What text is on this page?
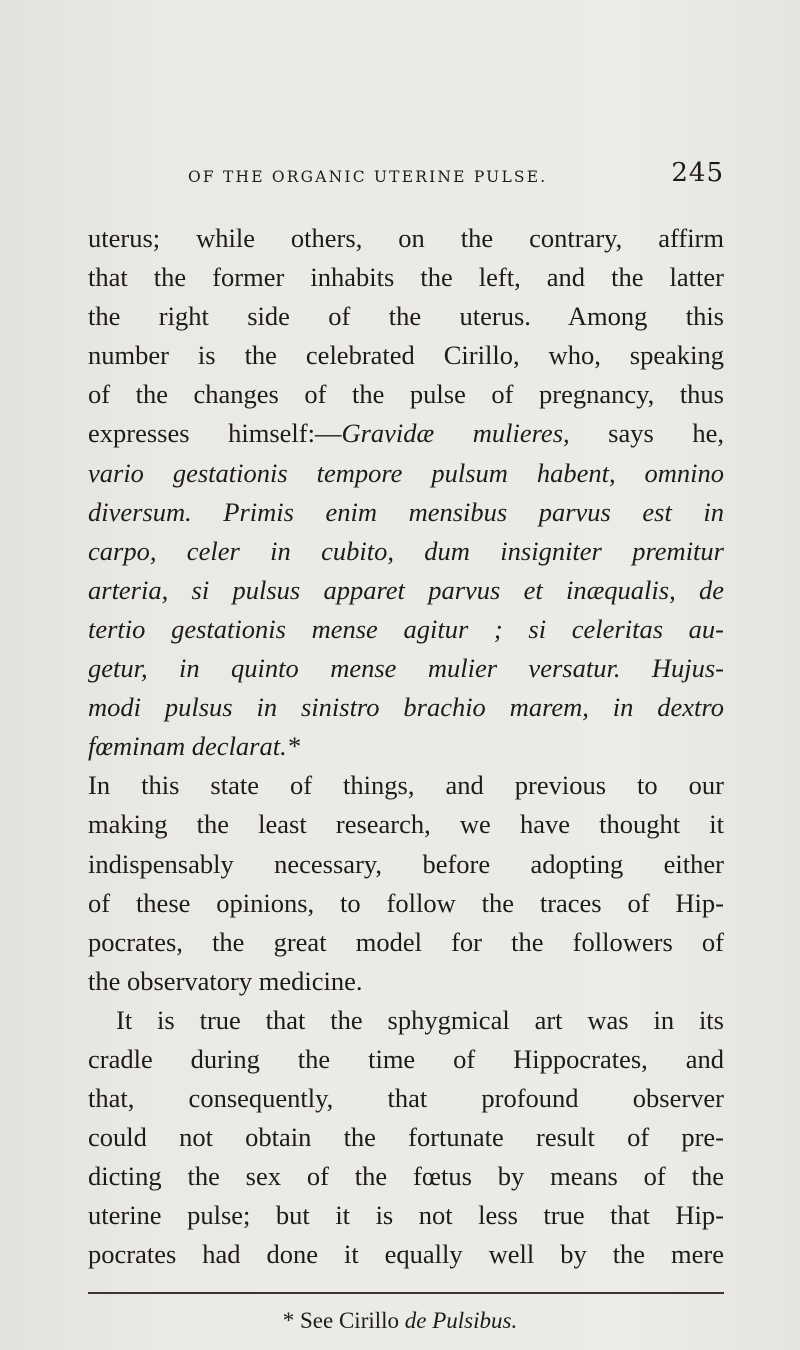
OF THE ORGANIC UTERINE PULSE.	245
uterus; while others, on the contrary, affirm
that the former inhabits the left, and the latter
the right side of the uterus. Among this
number is the celebrated Cirillo, who, speaking
of the changes of the pulse of pregnancy, thus
expresses himself:—Gravidæ mulieres, says he,
vario gestationis tempore pulsum habent, omnino
diversum. Primis enim mensibus parvus est in
carpo, celer in cubito, dum insigniter premitur
arteria, si pulsus apparet parvus et inæqualis, de
tertio gestationis mense agitur ; si celeritas au-
getur, in quinto mense mulier versatur. Hujus-
modi pulsus in sinistro brachio marem, in dextro
fœminam declarat.*
In this state of things, and previous to our
making the least research, we have thought it
indispensably necessary, before adopting either
of these opinions, to follow the traces of Hip-
pocrates, the great model for the followers of
the observatory medicine.
It is true that the sphygmical art was in its
cradle during the time of Hippocrates, and
that, consequently, that profound observer
could not obtain the fortunate result of pre-
dicting the sex of the fœtus by means of the
uterine pulse; but it is not less true that Hip-
pocrates had done it equally well by the mere
* See Cirillo de Pulsibus.
